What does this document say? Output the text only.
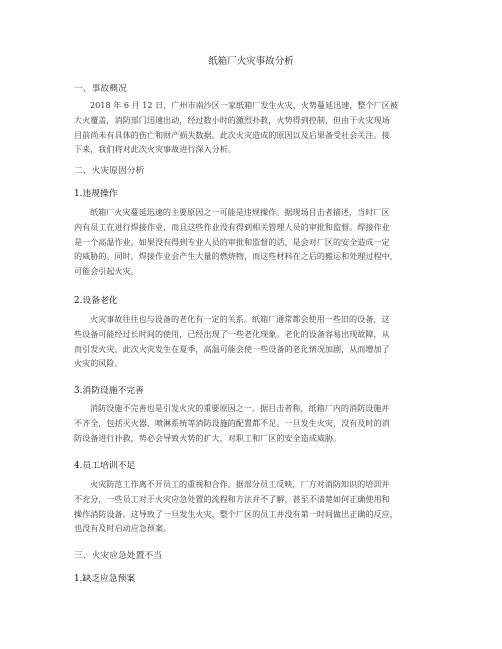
纸箱厂火灾事故分析
一、事故概况

2018 年 6 月 12 日，广州市南沙区一家纸箱厂发生火灾，火势蔓延迅速，整个厂区被

大火覆盖，消防部门迅速出动，经过数小时的激烈扑救，火势得到控制，但由于火灾现场

目前尚未有具体的伤亡和财产损失数据。此次火灾造成的原因以及后果备受社会关注。接

下来，我们将对此次火灾事故进行深入分析。

二、火灾原因分析
1.违规操作

纸箱厂火灾蔓延迅速的主要原因之一可能是违规操作。据现场目击者描述，当时厂区

内有员工在进行焊接作业，而且这些作业没有得到相关管理人员的审批和监督。焊接作业

是一个高温作业，如果没有得到专业人员的审批和监督的话，是会对厂区的安全造成一定

的威胁的。同时，焊接作业会产生大量的燃烧物，而这些材料在之后的搬运和处理过程中，

可能会引起火灾。

2.设备老化

火灾事故往往也与设备的老化有一定的关系。纸箱厂通常都会使用一些旧的设备，这

些设备可能经过长时间的使用，已经出现了一些老化现象。老化的设备容易出现故障，从

而引发火灾。此次火灾发生在夏季，高温可能会使一些设备的老化情况加剧，从而增加了

火灾的风险。

3.消防设施不完善

消防设施不完善也是引发火灾的重要原因之一。据目击者称，纸箱厂内的消防设施并

不齐全，包括灭火器、喷淋系统等消防设施的配置都不足。一旦发生火灾，没有及时的消

防设备进行扑救，势必会导致火势的扩大，对职工和厂区的安全造成威胁。

4.员工培训不足

火灾防范工作离不开员工的重视和合作。据部分员工反映，厂方对消防知识的培训并

不充分，一些员工对于火灾应急处置的流程和方法并不了解，甚至不清楚如何正确使用和

操作消防设备。这导致了一旦发生火灾，整个厂区的员工并没有第一时间做出正确的反应，

也没有及时启动应急预案。

三、火灾应急处置不当
1.缺乏应急预案
